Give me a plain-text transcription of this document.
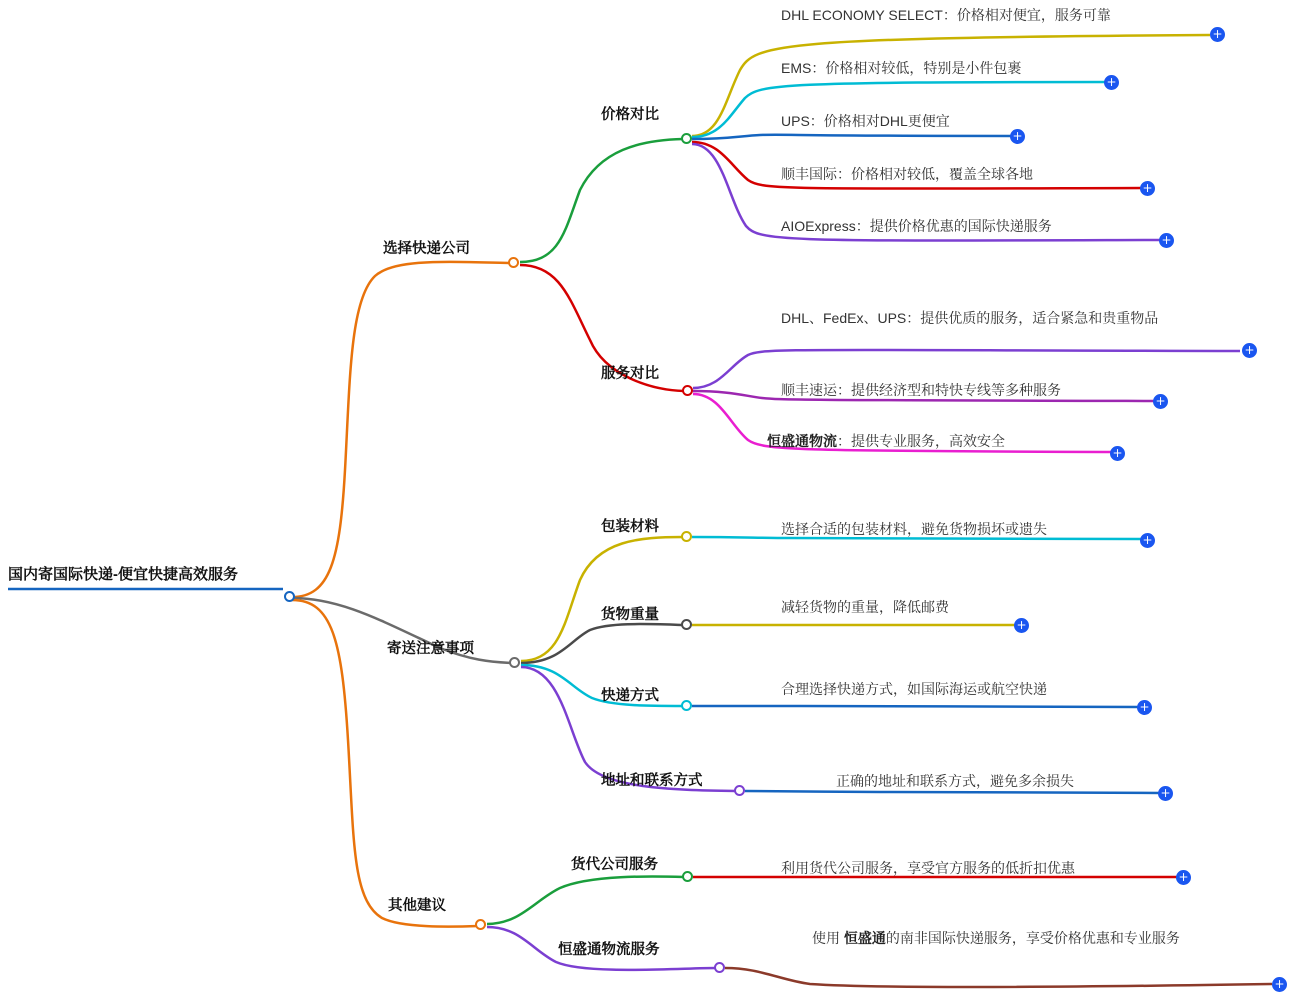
国内寄国际快递-便宜快捷高效服务
选择快递公司
价格对比
服务对比
DHL ECONOMY SELECT：价格相对便宜，服务可靠
+
EMS：价格相对较低，特别是小件包裹
+
UPS：价格相对DHL更便宜
+
顺丰国际：价格相对较低，覆盖全球各地
+
AIOExpress：提供价格优惠的国际快递服务
+
DHL、FedEx、UPS：提供优质的服务，适合紧急和贵重物品
+
顺丰速运：提供经济型和特快专线等多种服务
+
恒盛通物流：提供专业服务，高效安全
+
寄送注意事项
包装材料
货物重量
快递方式
地址和联系方式
选择合适的包装材料，避免货物损坏或遗失
+
减轻货物的重量，降低邮费
+
合理选择快递方式，如国际海运或航空快递
+
正确的地址和联系方式，避免多余损失
+
其他建议
货代公司服务
恒盛通物流服务
利用货代公司服务，享受官方服务的低折扣优惠
+
使用 恒盛通的南非国际快递服务，享受价格优惠和专业服务
+
